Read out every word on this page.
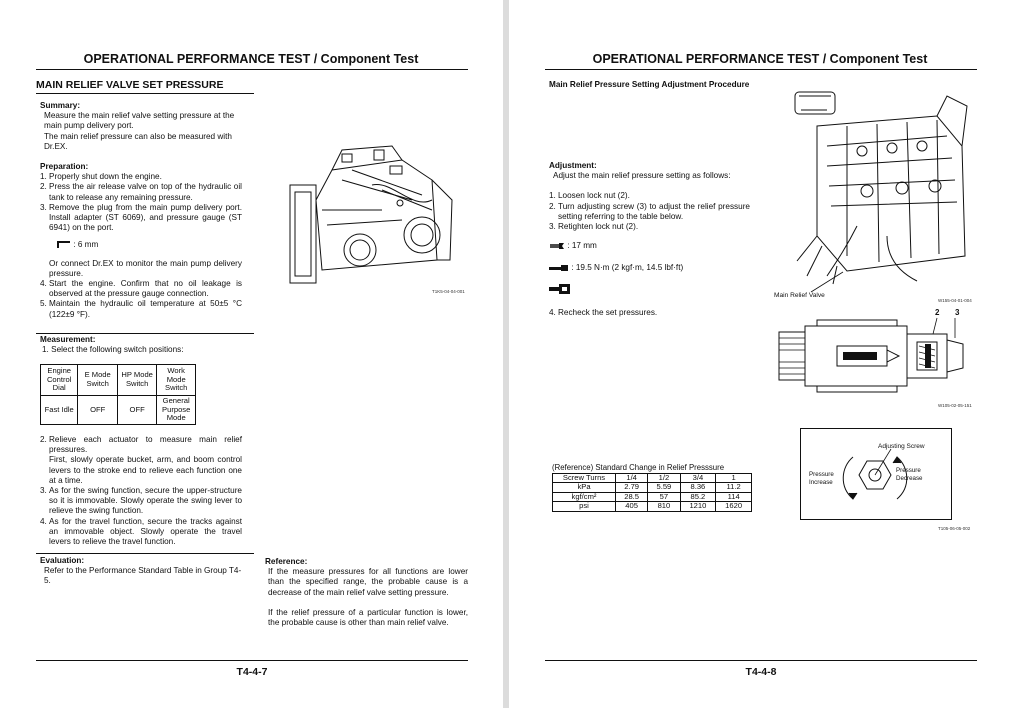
OPERATIONAL PERFORMANCE TEST / Component Test
MAIN RELIEF VALVE SET PRESSURE
Summary:
Measure the main relief valve setting pressure at the
main pump delivery port.
The main relief pressure can also be measured with
Dr.EX.
Preparation:
1. Properly shut down the engine.
2. Press the air release valve on top of the hydraulic oil tank to release any remaining pressure.
3. Remove the plug from the main pump delivery port. Install adapter (ST 6069), and pressure gauge (ST 6941) on the port.
: 6 mm
Or connect Dr.EX to monitor the main pump delivery pressure.
4. Start the engine. Confirm that no oil leakage is observed at the pressure gauge connection.
5. Maintain the hydraulic oil temperature at 50±5 °C (122±9 °F).
T1K5-04-04-001
Measurement:
1. Select the following switch positions:
Engine Control Dial	E Mode Switch	HP Mode Switch	Work Mode Switch
Fast Idle	OFF	OFF	General Purpose Mode
2. Relieve each actuator to measure main relief pressures.
First, slowly operate bucket, arm, and boom control levers to the stroke end to relieve each function one at a time.
3. As for the swing function, secure the upper-structure so it is immovable. Slowly operate the swing lever to relieve the swing function.
4. As for the travel function, secure the tracks against an immovable object. Slowly operate the travel levers to relieve the travel function.
Evaluation:
Refer to the Performance Standard Table in Group T4-5.
Reference:
If the measure pressures for all functions are lower than the specified range, the probable cause is a decrease of the main relief valve setting pressure.
If the relief pressure of a particular function is lower, the probable cause is other than main relief valve.
T4-4-7
OPERATIONAL PERFORMANCE TEST / Component Test
Main Relief Pressure Setting Adjustment Procedure
Adjustment:
Adjust the main relief pressure setting as follows:
1. Loosen lock nut (2).
2. Turn adjusting screw (3) to adjust the relief pressure setting referring to the table below.
3. Retighten lock nut (2).
: 17 mm
: 19.5 N·m (2 kgf·m, 14.5 lbf·ft)
4. Recheck the set pressures.
Main Relief Valve
W155-04-01-004
2 3
W105-02-05-151
Adjusting Screw
Pressure Increase
Pressure Decrease
T105-06-05-002
(Reference) Standard Change in Relief Presssure
Screw Turns	1/4	1/2	3/4	1
kPa	2.79	5.59	8.36	11.2
kgf/cm²	28.5	57	85.2	114
psi	405	810	1210	1620
T4-4-8
